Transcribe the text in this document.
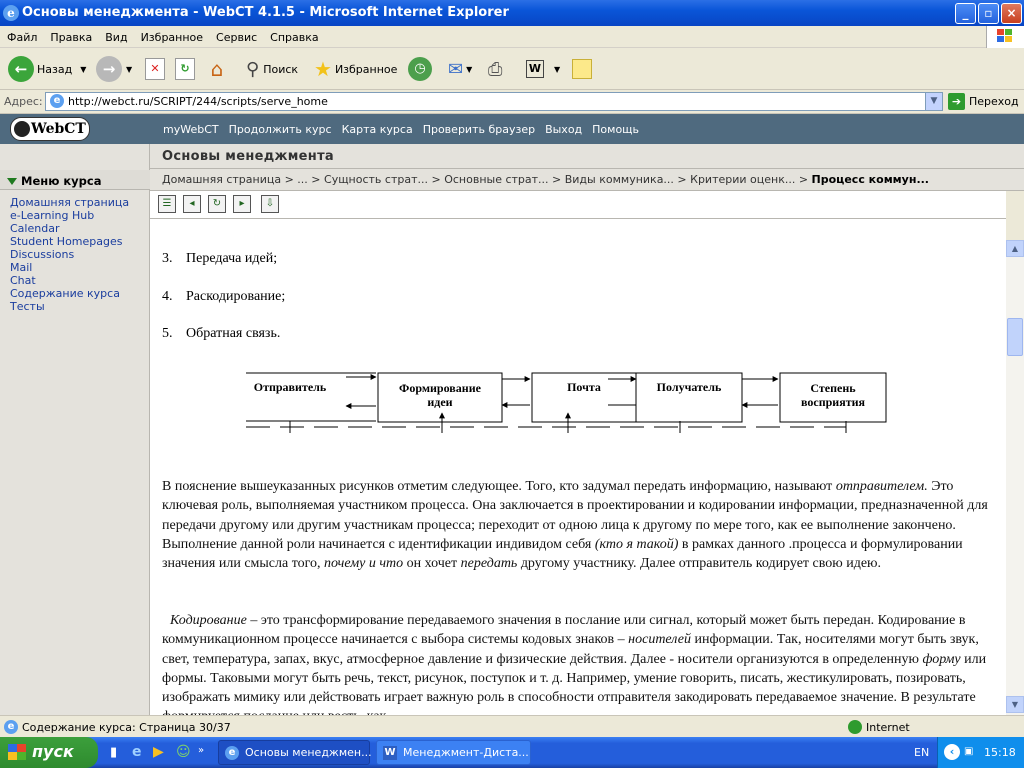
e Основы менеджмента - WebCT 4.1.5 - Microsoft Internet Explorer	_	▫	×
Файл Правка Вид Избранное Сервис Справка
← Назад ▼	→	▼	✕	↻ ⌂	⚲ Поиск ★ Избранное	◷	✉ ▼ ⎙ W	▼
Адрес:	e http://webct.ru/SCRIPT/244/scripts/serve_home	▼	➔ Переход
WebCT	myWebCT Продолжить курс Карта курса Проверить браузер Выход Помощь
Меню курса
Домашняя страница
e-Learning Hub
Calendar
Student Homepages
Discussions
Mail
Chat
Содержание курса
Тесты
Основы менеджмента
Домашняя страница > ... > Сущность страт... > Основные страт... > Виды коммуника... > Критерии оценк... > Процесс коммун...
☰	◂	↻	▸	⇩
3. Передача идей;
4. Раскодирование;
5. Обратная связь.
Отправитель	Формирование идеи
Почта	Получатель	Степень восприятия
В пояснение вышеуказанных рисунков отметим следующее. Того, кто задумал передать информацию, называют отправителем. Это ключевая роль, выполняемая участником процесса. Она заключается в проектировании и кодировании информации, предназначенной для передачи другому или другим участникам процесса; переходит от одною лица к другому по мере того, как ее выполнение закончено. Выполнение данной роли начинается с идентификации индивидом себя (кто я такой) в рамках данного .процесса и формулировании значения или смысла того, почему и что он хочет передать другому участнику. Далее отправитель кодирует свою идею.
Кодирование – это трансформирование передаваемого значения в послание или сигнал, который может быть передан. Кодирование в коммуникационном процессе начинается с выбора системы кодовых знаков – носителей информации. Так, носителями могут быть звук, свет, температура, запах, вкус, атмосферное давление и физические действия. Далее - носители организуются в определенную форму или формы. Таковыми могут быть речь, текст, рисунок, поступок и т. д. Например, умение говорить, писать, жестикулировать, позировать, изображать мимику или действовать играет важную роль в способности отправителя закодировать передаваемое значение. В результате
▲
▼
e Содержание курса: Страница 30/37	Internet
пуск	▮ e ▶ ☺ »	e Основы менеджмен... W Менеджмент-Диста...	EN	‹ ▣ 15:18
